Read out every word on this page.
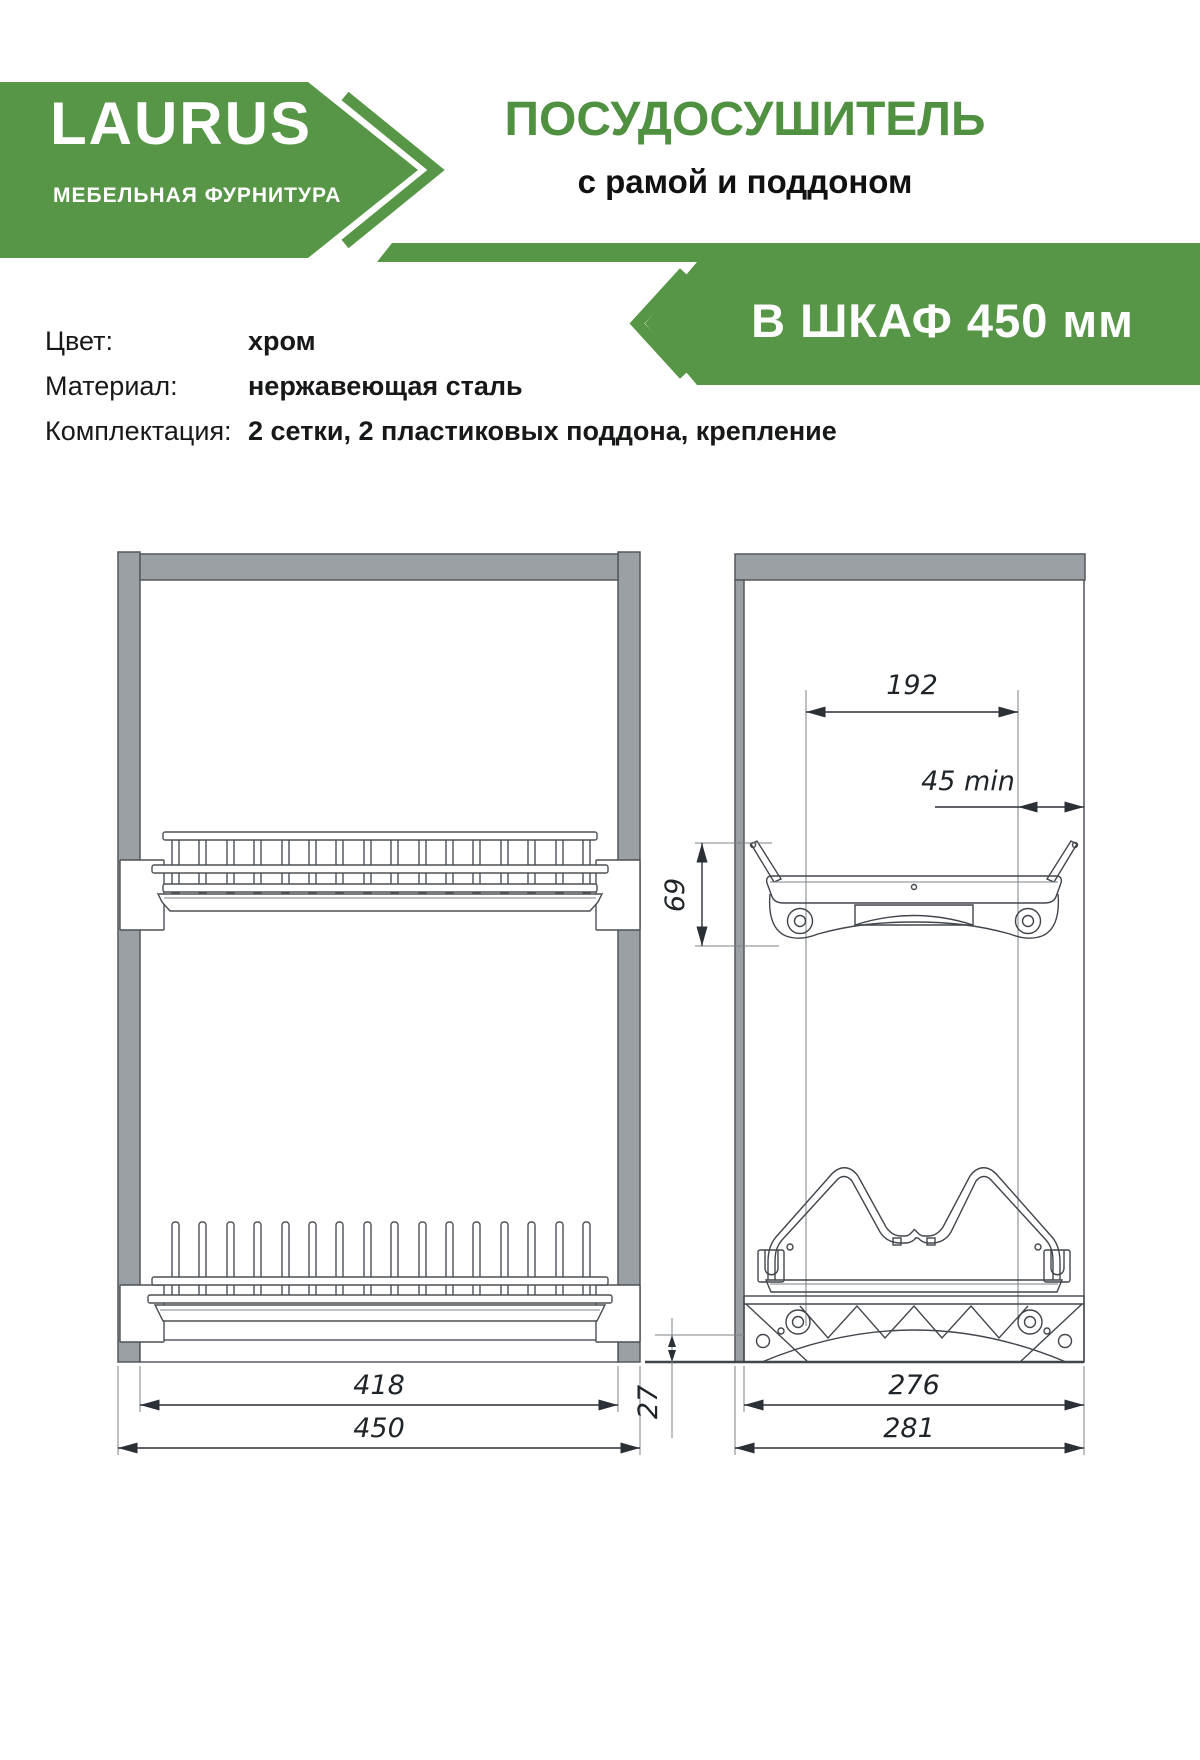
418
450
192
45 min
69
27	276
281
LAURUS
МЕБЕЛЬНАЯ ФУРНИТУРА
ПОСУДОСУШИТЕЛЬ
с рамой и поддоном
В ШКАФ 450 мм
Цвет:	хром
Материал:	нержавеющая сталь
Комплектация: 2 сетки, 2 пластиковых поддона, крепление
